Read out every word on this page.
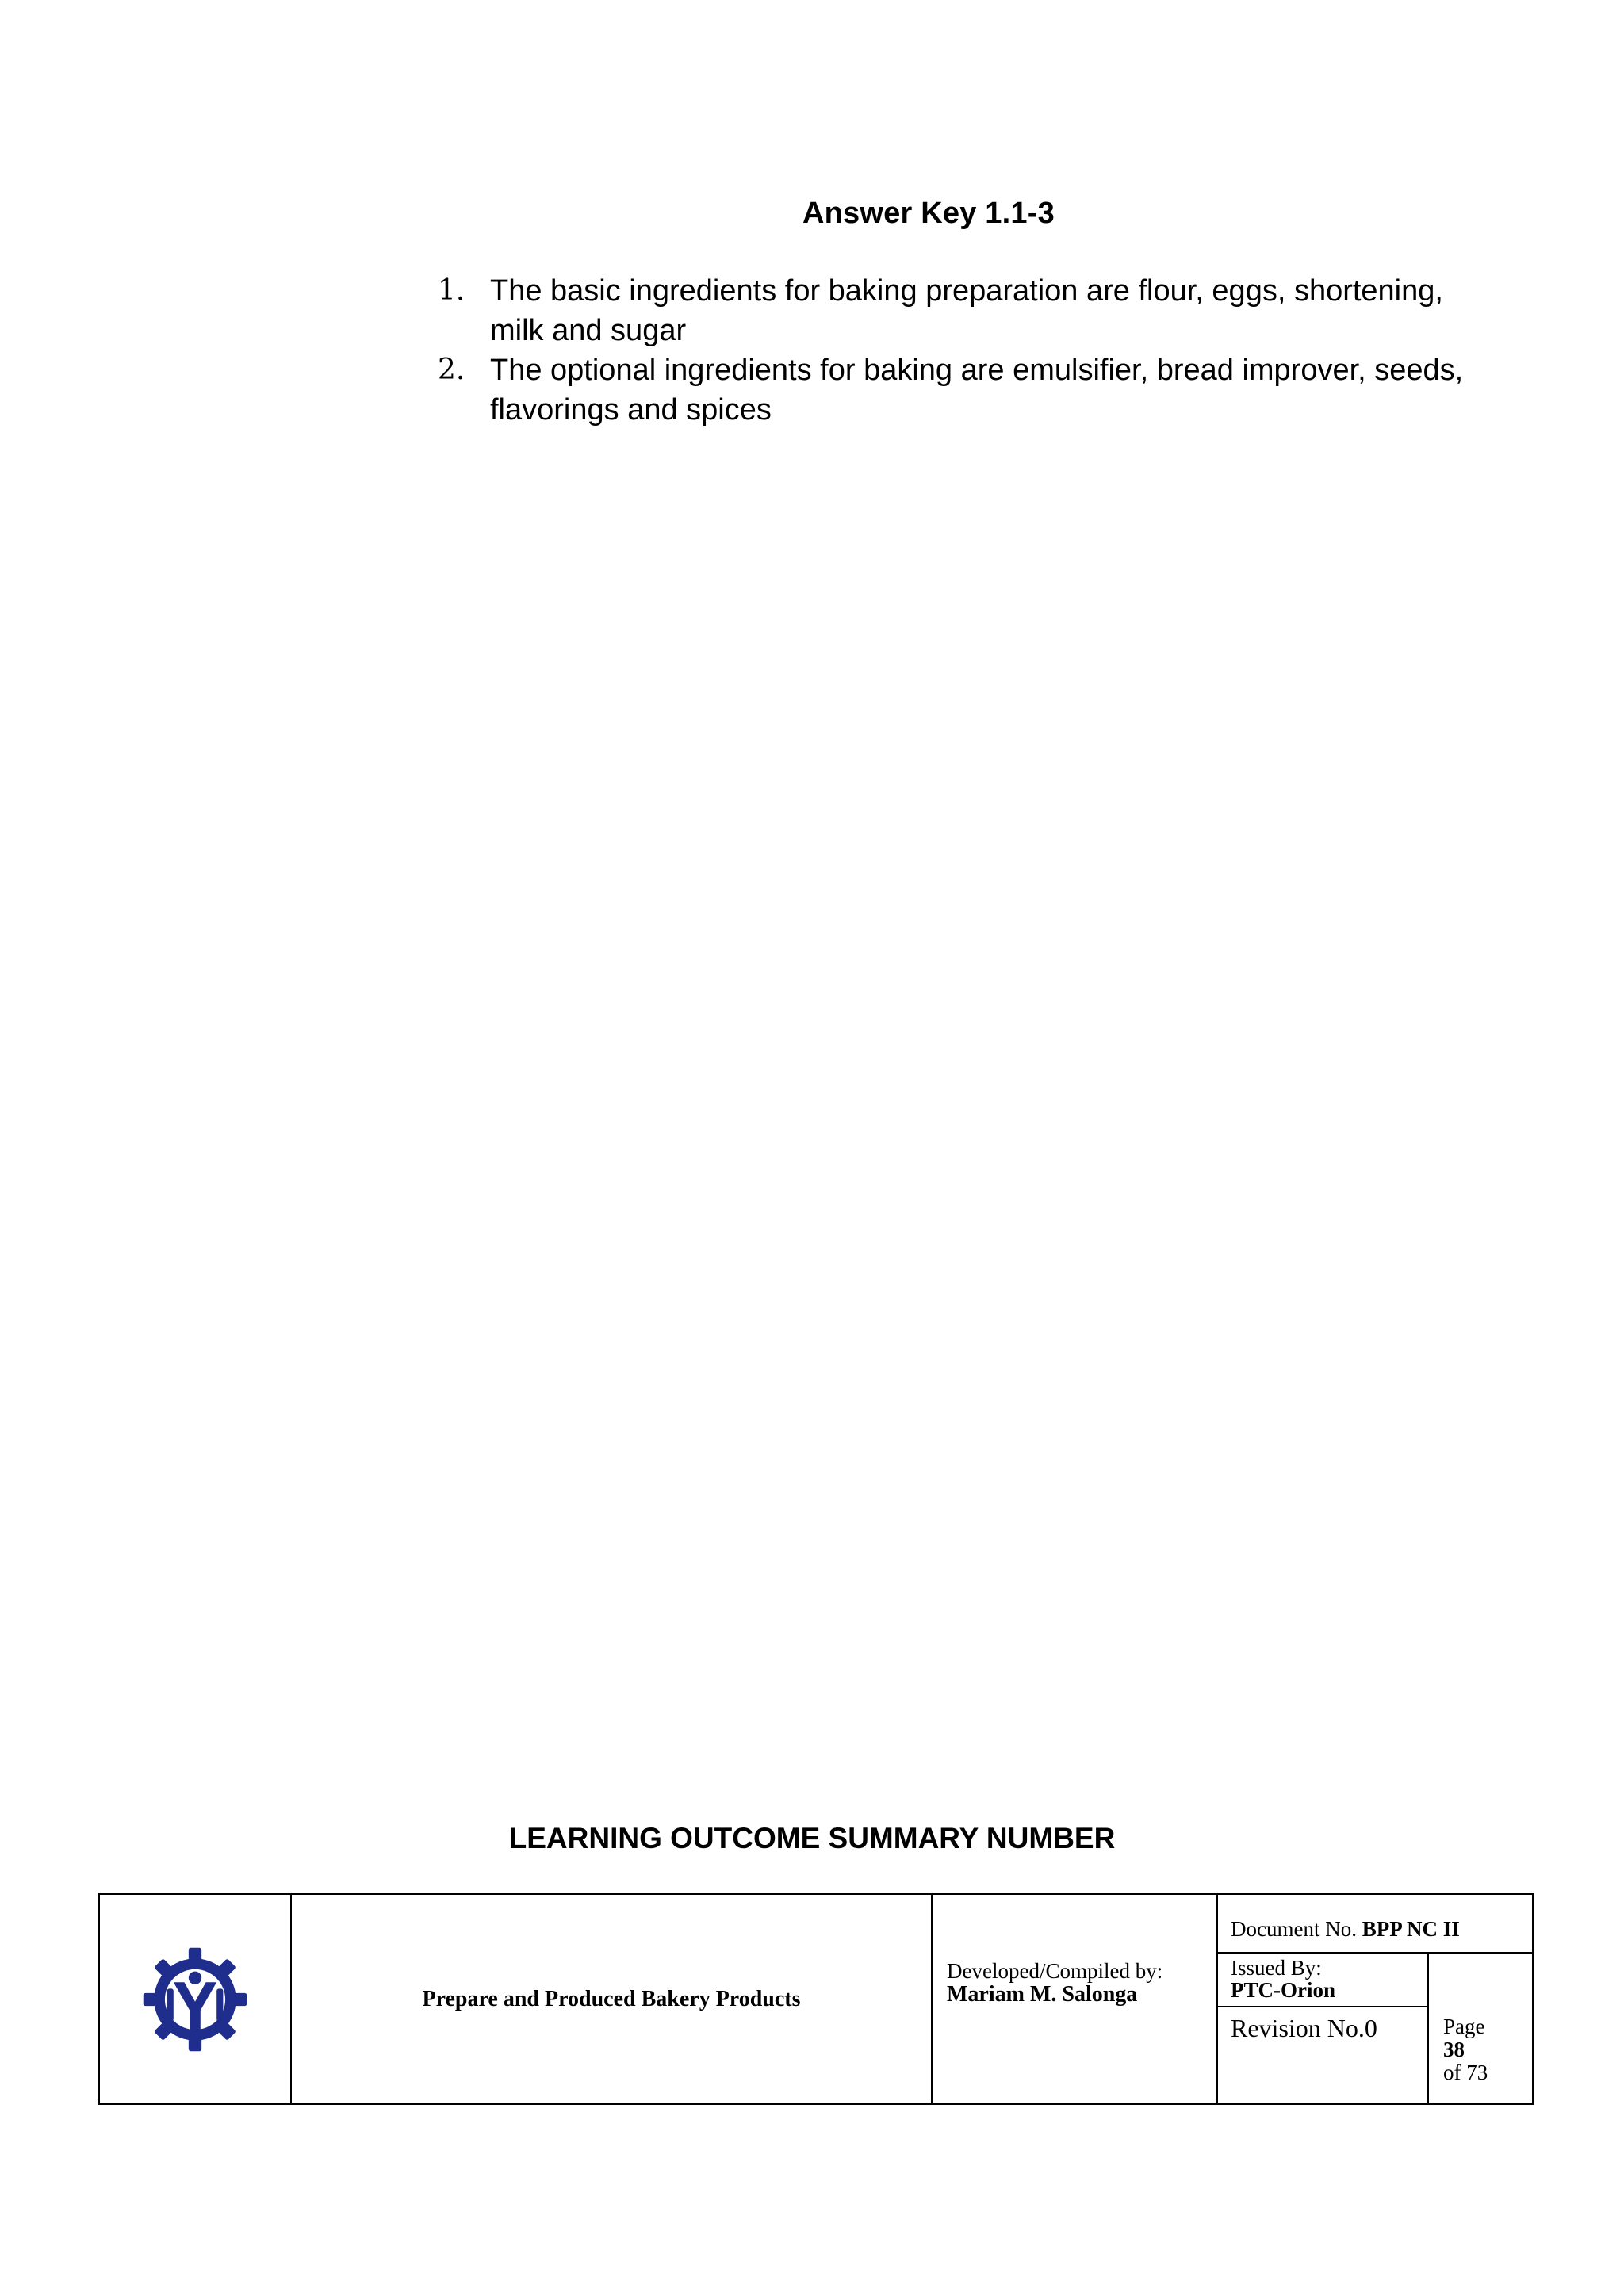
Answer Key 1.1-3
1. The basic ingredients for baking preparation are flour, eggs, shortening, milk and sugar
2. The optional ingredients for baking are emulsifier, bread improver, seeds, flavorings and spices
LEARNING OUTCOME SUMMARY NUMBER
Prepare and Produced Bakery Products
Developed/Compiled by:
Mariam M. Salonga
Document No. BPP NC II
Issued By:
PTC-Orion
Revision No.0	Page
38
of 73
